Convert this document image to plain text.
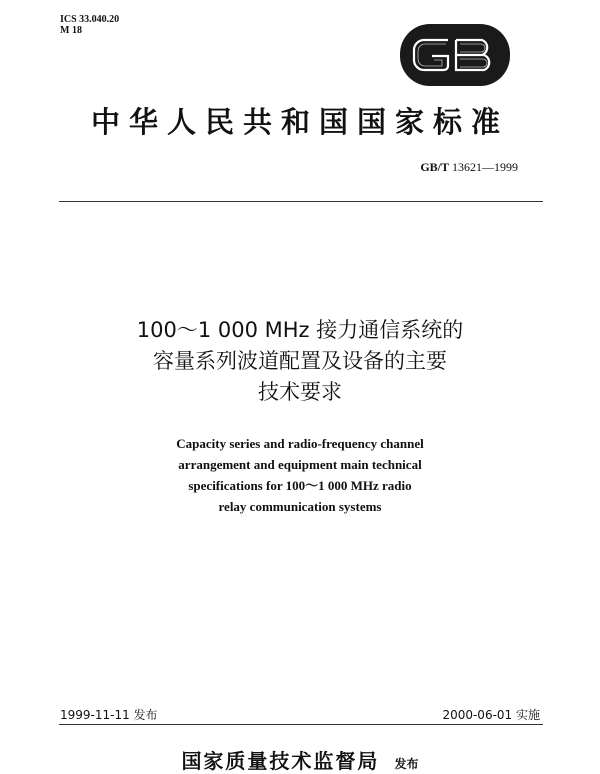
ICS 33.040.20
M 18
中华人民共和国国家标准
GB/T 13621—1999
100～1 000 MHz 接力通信系统的
容量系列波道配置及设备的主要
技术要求
Capacity series and radio-frequency channel
arrangement and equipment main technical
specifications for 100～1 000 MHz radio
relay communication systems
1999-11-11 发布	2000-06-01 实施
国家质量技术监督局 发布
